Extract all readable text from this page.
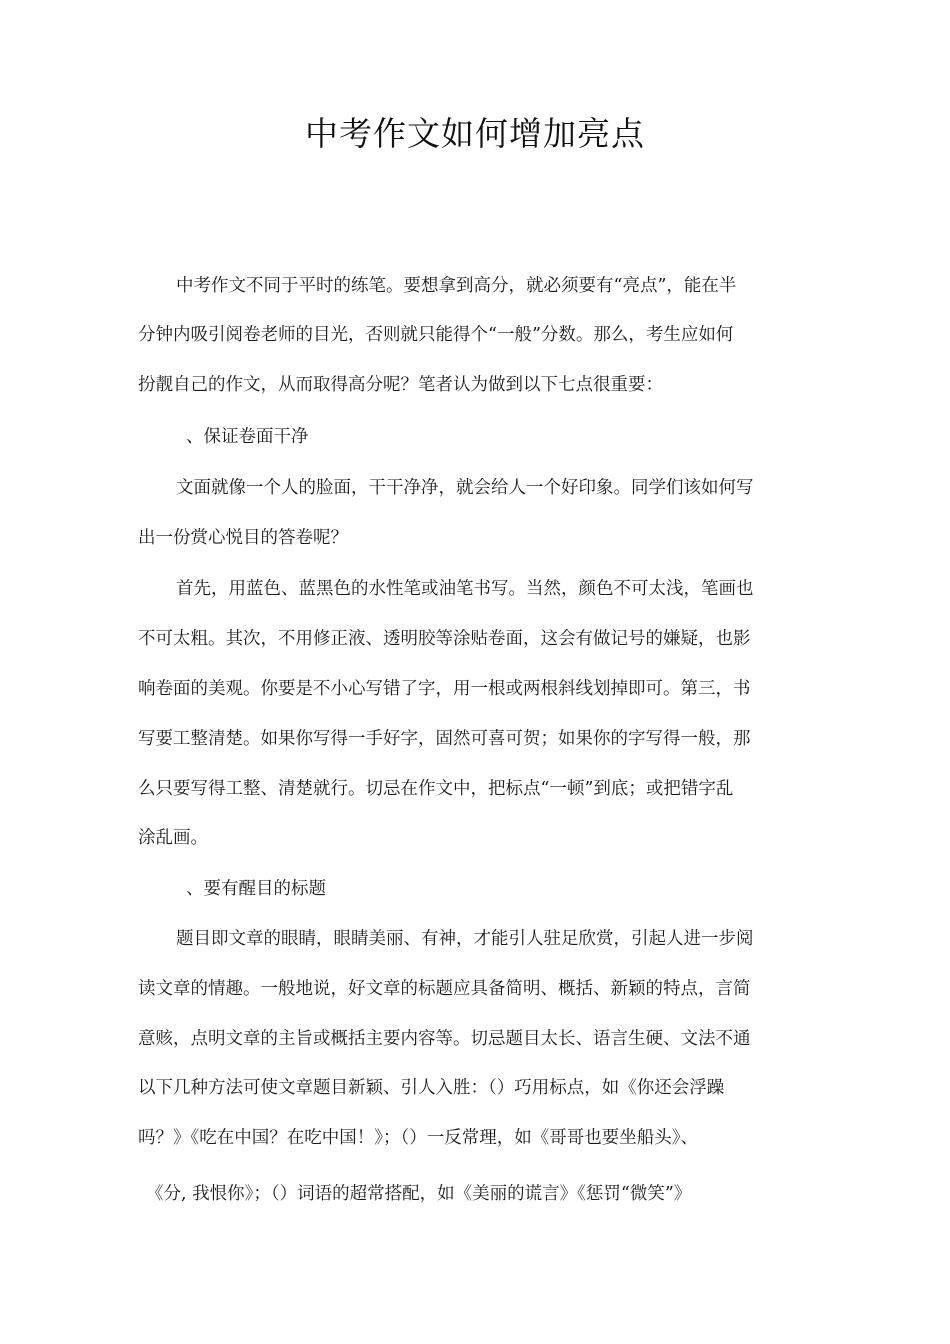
中考作文如何增加亮点
中考作文不同于平时的练笔。要想拿到高分，就必须要有“亮点”，能在半
分钟内吸引阅卷老师的目光，否则就只能得个“一般”分数。那么，考生应如何
扮靓自己的作文，从而取得高分呢？笔者认为做到以下七点很重要：
、保证卷面干净
文面就像一个人的脸面，干干净净，就会给人一个好印象。同学们该如何写
出一份赏心悦目的答卷呢？
首先，用蓝色、蓝黑色的水性笔或油笔书写。当然，颜色不可太浅，笔画也
不可太粗。其次，不用修正液、透明胶等涂贴卷面，这会有做记号的嫌疑，也影
响卷面的美观。你要是不小心写错了字，用一根或两根斜线划掉即可。第三，书
写要工整清楚。如果你写得一手好字，固然可喜可贺；如果你的字写得一般，那
么只要写得工整、清楚就行。切忌在作文中，把标点“一顿”到底；或把错字乱
涂乱画。
、要有醒目的标题
题目即文章的眼睛，眼睛美丽、有神，才能引人驻足欣赏，引起人进一步阅
读文章的情趣。一般地说，好文章的标题应具备简明、概括、新颖的特点，言简
意赅，点明文章的主旨或概括主要内容等。切忌题目太长、语言生硬、文法不通
以下几种方法可使文章题目新颖、引人入胜：（）巧用标点，如《你还会浮躁
吗？》《吃在中国？在吃中国！》；（）一反常理，如《哥哥也要坐船头》、
《分, 我恨你》；（）词语的超常搭配，如《美丽的谎言》《惩罚“微笑”》
